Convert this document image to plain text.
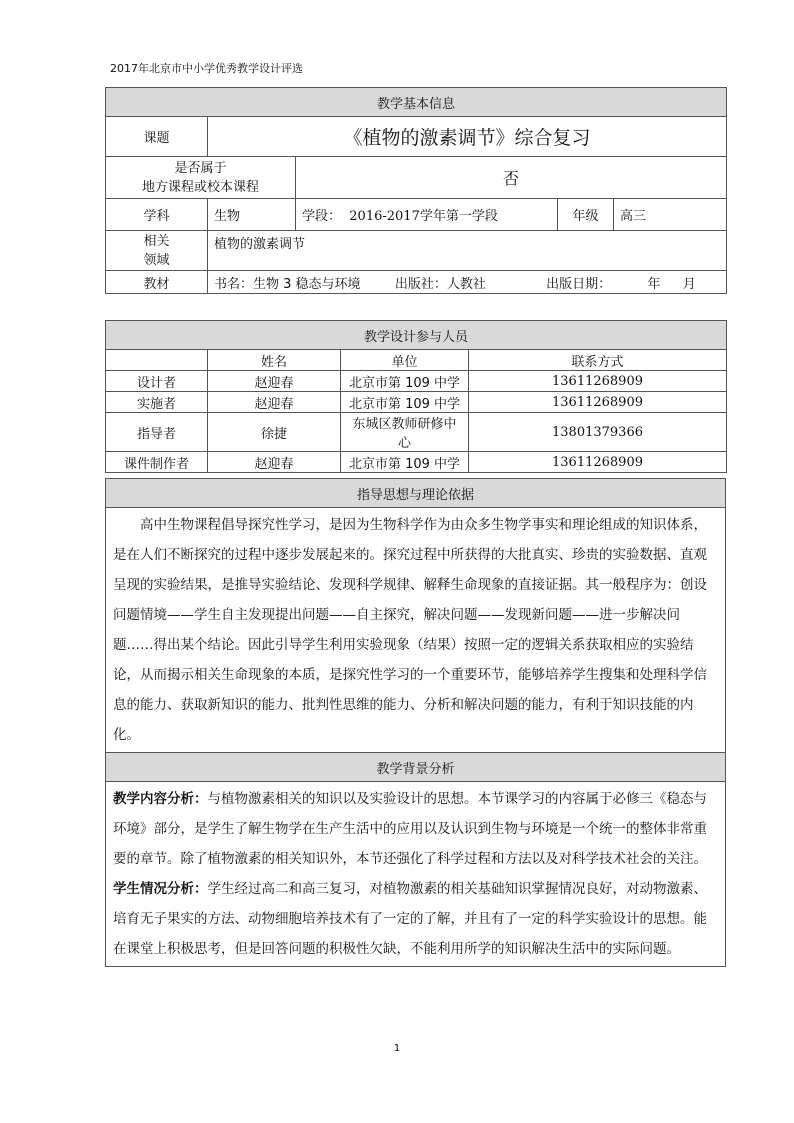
2017年北京市中小学优秀教学设计评选
教学基本信息				
课题	《植物的激素调节》综合复习			

是否属于
地方课程或校本课程		否		
学科	生物	学段： 2016-2017学年第一学段	年级	高三

相关
领域	植物的激素调节			
教材	书名：生物 3 稳态与环境 出版社：人教社 出版日期： 年 月			
教学设计参与人员			
	姓名	单位	联系方式
设计者	赵迎春	北京市第 109 中学	13611268909
实施者	赵迎春	北京市第 109 中学	13611268909
指导者	徐捷	东城区教师研修中心	13801379366
课件制作者	赵迎春	北京市第 109 中学	13611268909
指导思想与理论依据
高中生物课程倡导探究性学习，是因为生物科学作为由众多生物学事实和理论组成的知识体系，是在人们不断探究的过程中逐步发展起来的。探究过程中所获得的大批真实、珍贵的实验数据、直观呈现的实验结果，是推导实验结论、发现科学规律、解释生命现象的直接证据。其一般程序为：创设问题情境——学生自主发现提出问题——自主探究，解决问题——发现新问题——进一步解决问题……得出某个结论。因此引导学生利用实验现象（结果）按照一定的逻辑关系获取相应的实验结论，从而揭示相关生命现象的本质，是探究性学习的一个重要环节，能够培养学生搜集和处理科学信息的能力、获取新知识的能力、批判性思维的能力、分析和解决问题的能力，有利于知识技能的内化。
教学背景分析

教学内容分析：与植物激素相关的知识以及实验设计的思想。本节课学习的内容属于必修三《稳态与环境》部分，是学生了解生物学在生产生活中的应用以及认识到生物与环境是一个统一的整体非常重要的章节。除了植物激素的相关知识外，本节还强化了科学过程和方法以及对科学技术社会的关注。
学生情况分析：学生经过高二和高三复习，对植物激素的相关基础知识掌握情况良好，对动物激素、　培育无子果实的方法、动物细胞培养技术有了一定的了解，并且有了一定的科学实验设计的思想。能在课堂上积极思考，但是回答问题的积极性欠缺，不能利用所学的知识解决生活中的实际问题。
1
